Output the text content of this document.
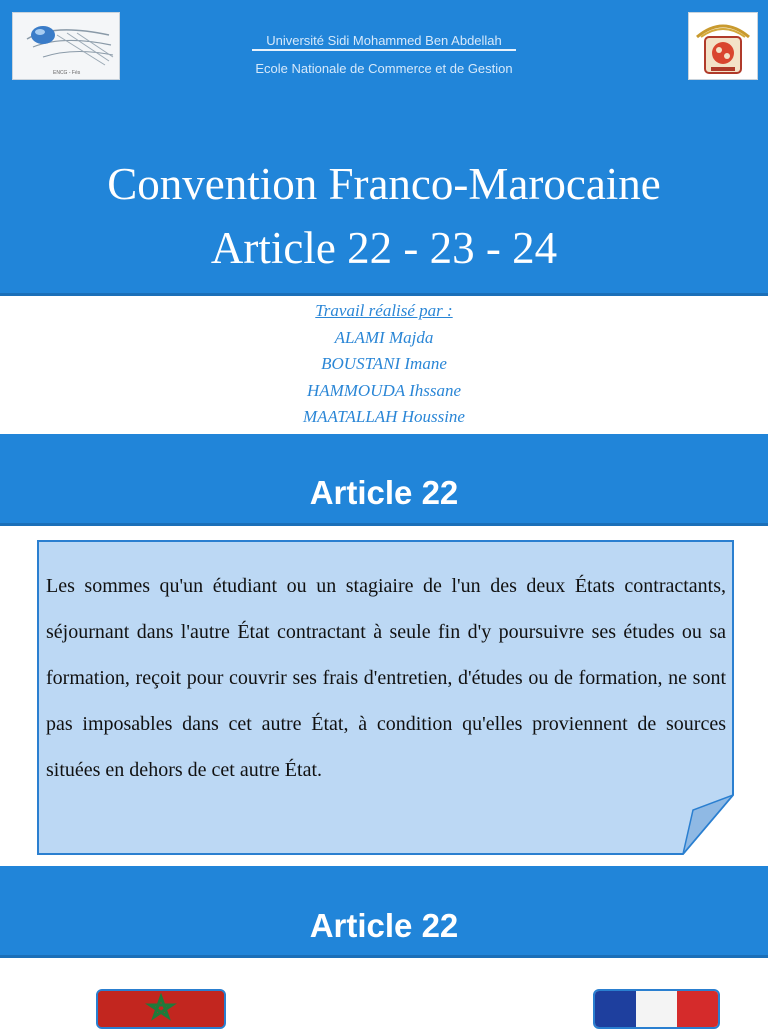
ENCG - Fès
Université Sidi Mohammed Ben Abdellah
Ecole Nationale de Commerce et de Gestion
Convention Franco-Marocaine
Article 22 - 23 - 24
Travail réalisé par :
ALAMI Majda
BOUSTANI Imane
HAMMOUDA Ihssane
MAATALLAH Houssine
Article 22
Les sommes qu'un étudiant ou un stagiaire de l'un des deux États contractants, séjournant dans l'autre État contractant à seule fin d'y poursuivre ses études ou sa formation, reçoit pour couvrir ses frais d'entretien, d'études ou de formation, ne sont pas imposables dans cet autre État, à condition qu'elles proviennent de sources situées en dehors de cet autre État.
Article 22
